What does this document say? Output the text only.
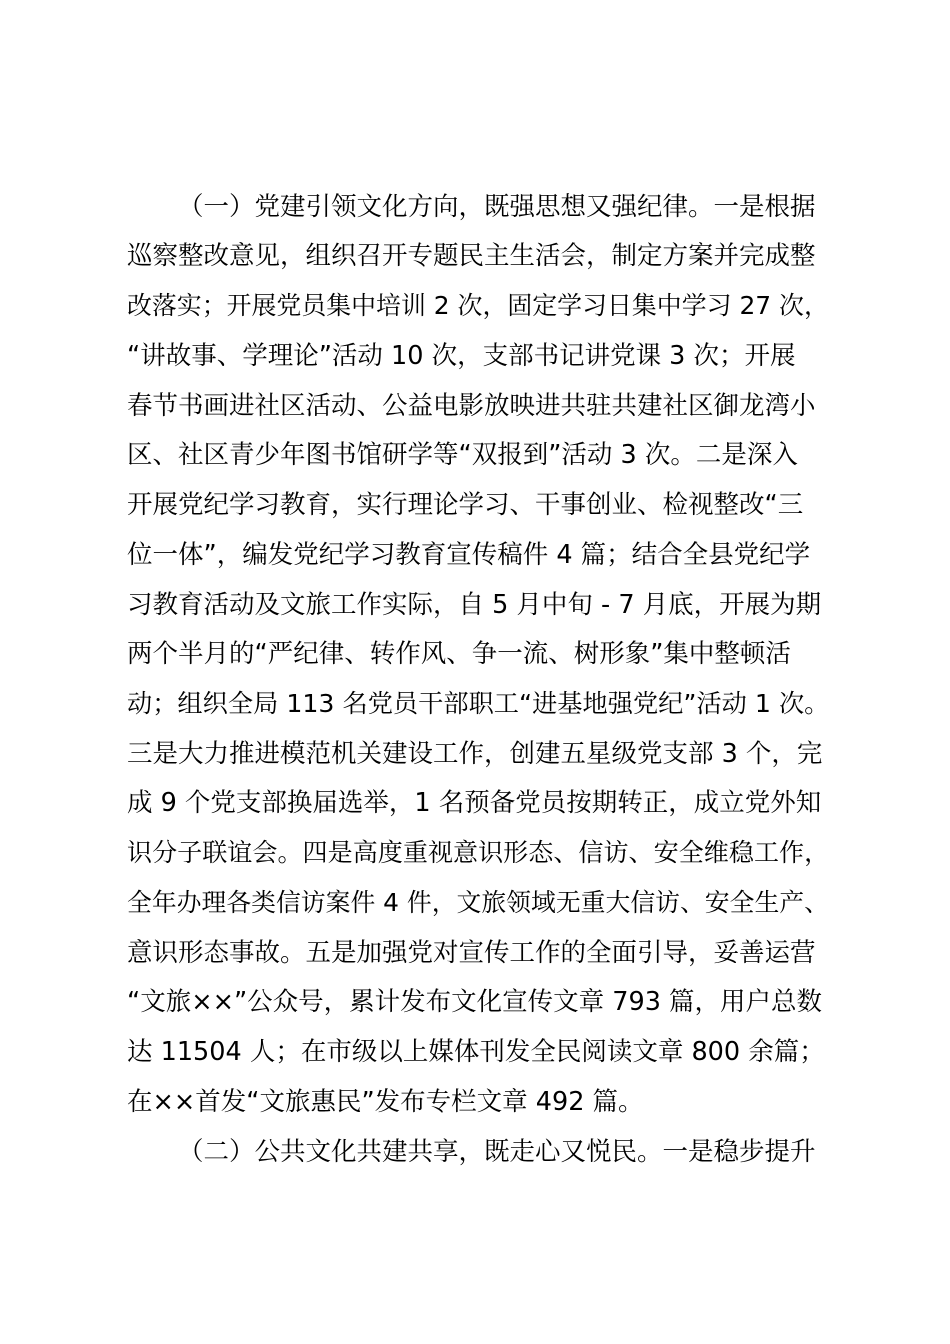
（一）党建引领文化方向，既强思想又强纪律。一是根据
巡察整改意见，组织召开专题民主生活会，制定方案并完成整
改落实；开展党员集中培训 2 次，固定学习日集中学习 27 次，
“讲故事、学理论”活动 10 次，支部书记讲党课 3 次；开展
春节书画进社区活动、公益电影放映进共驻共建社区御龙湾小
区、社区青少年图书馆研学等“双报到”活动 3 次。二是深入
开展党纪学习教育，实行理论学习、干事创业、检视整改“三
位一体”，编发党纪学习教育宣传稿件 4 篇；结合全县党纪学
习教育活动及文旅工作实际，自 5 月中旬 - 7 月底，开展为期
两个半月的“严纪律、转作风、争一流、树形象”集中整顿活
动；组织全局 113 名党员干部职工“进基地强党纪”活动 1 次。
三是大力推进模范机关建设工作，创建五星级党支部 3 个，完
成 9 个党支部换届选举，1 名预备党员按期转正，成立党外知
识分子联谊会。四是高度重视意识形态、信访、安全维稳工作，
全年办理各类信访案件 4 件，文旅领域无重大信访、安全生产、
意识形态事故。五是加强党对宣传工作的全面引导，妥善运营
“文旅××”公众号，累计发布文化宣传文章 793 篇，用户总数
达 11504 人；在市级以上媒体刊发全民阅读文章 800 余篇；
在××首发“文旅惠民”发布专栏文章 492 篇。
（二）公共文化共建共享，既走心又悦民。一是稳步提升
